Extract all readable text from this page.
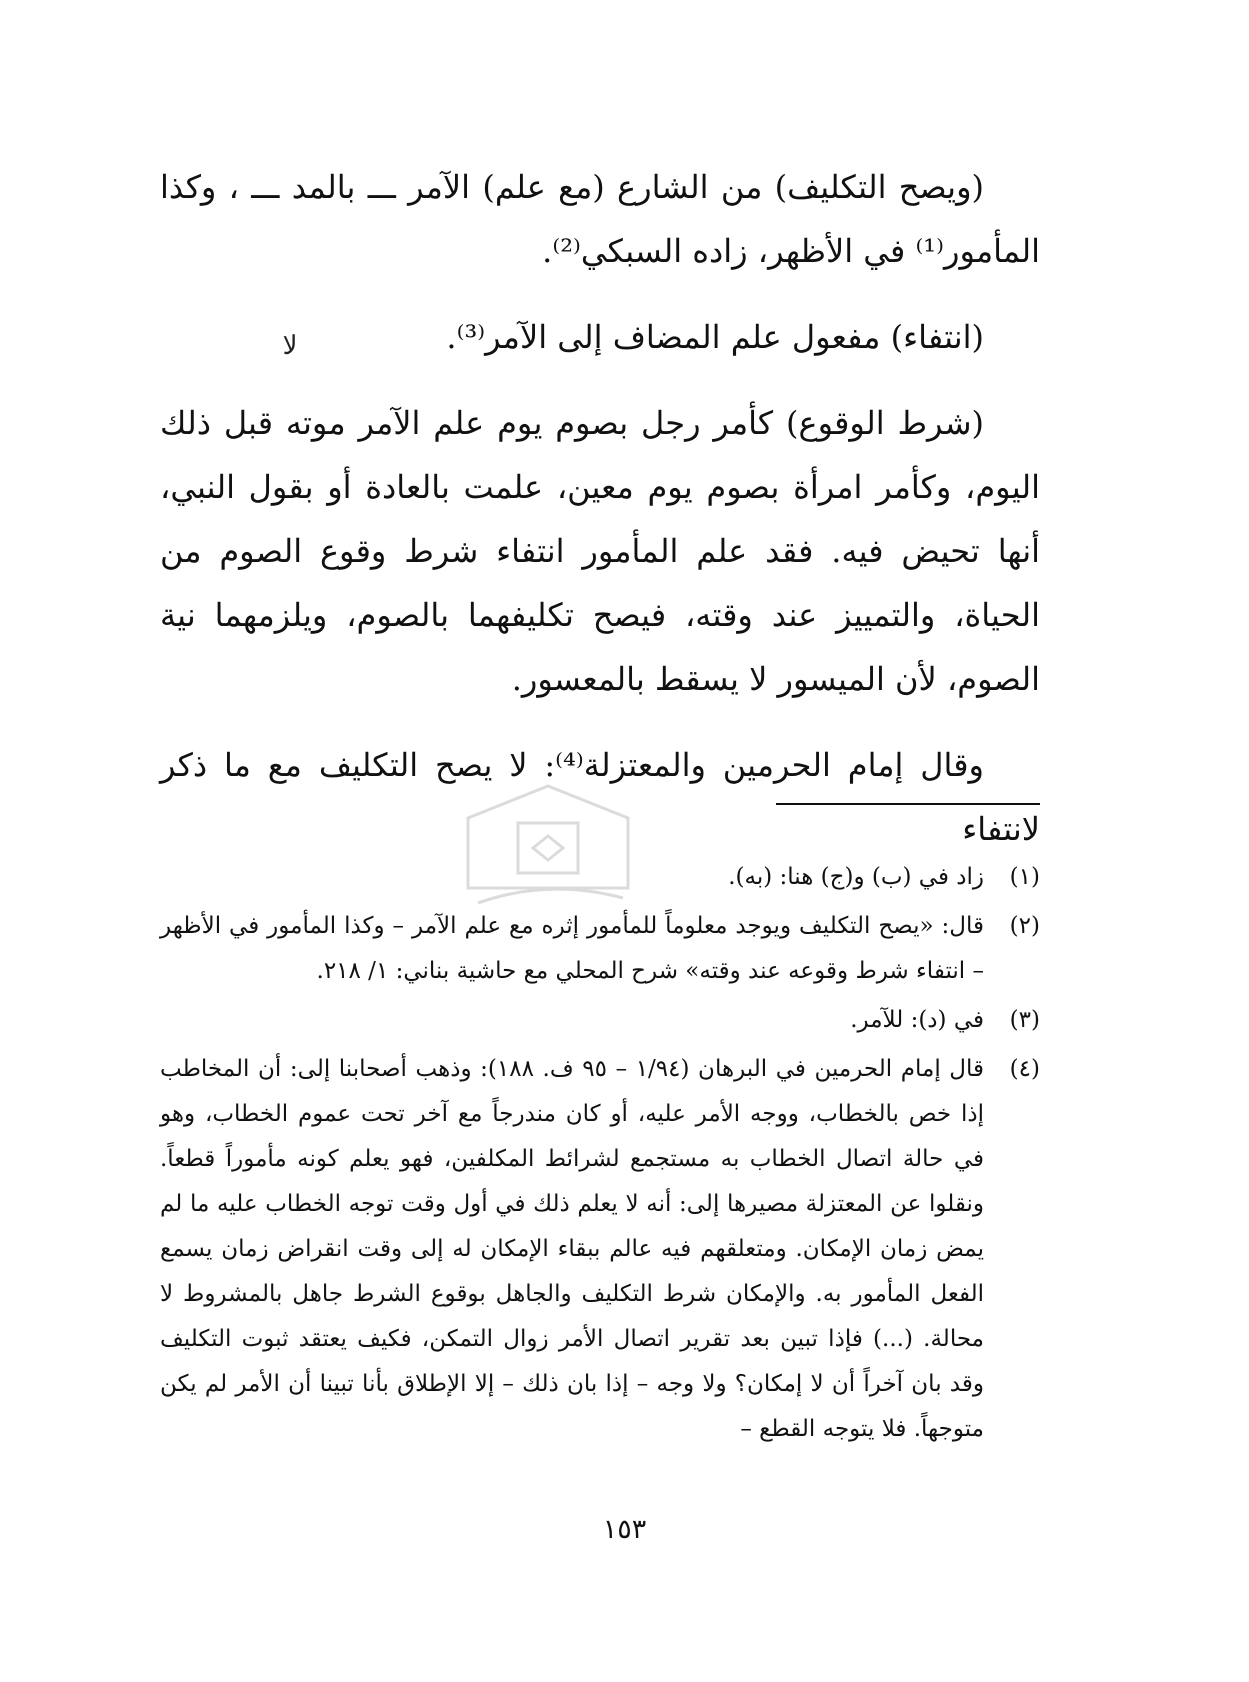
(ويصح التكليف) من الشارع (مع علم) الآمر ـــ بالمد ـــ ، وكذا المأمور⁽¹⁾ في الأظهر، زاده السبكي⁽²⁾.

(انتفاء) مفعول علم المضاف إلى الآمر⁽³⁾.

(شرط الوقوع) كأمر رجل بصوم يوم علم الآمر موته قبل ذلك اليوم، وكأمر امرأة بصوم يوم معين، علمت بالعادة أو بقول النبي، أنها تحيض فيه. فقد علم المأمور انتفاء شرط وقوع الصوم من الحياة، والتمييز عند وقته، فيصح تكليفهما بالصوم، ويلزمهما نية الصوم، لأن الميسور لا يسقط بالمعسور.

وقال إمام الحرمين والمعتزلة⁽⁴⁾: لا يصح التكليف مع ما ذكر لانتفاء

ﻻ
(١)
زاد في (ب) و(ج) هنا: (به).
(٢)
قال: «يصح التكليف ويوجد معلوماً للمأمور إثره مع علم الآمر – وكذا المأمور في الأظهر – انتفاء شرط وقوعه عند وقته» شرح المحلي مع حاشية بناني: ١/ ٢١٨.
(٣)
في (د): للآمر.
(٤)
قال إمام الحرمين في البرهان (١/٩٤ – ٩٥ ف. ١٨٨): وذهب أصحابنا إلى: أن المخاطب إذا خص بالخطاب، ووجه الأمر عليه، أو كان مندرجاً مع آخر تحت عموم الخطاب، وهو في حالة اتصال الخطاب به مستجمع لشرائط المكلفين، فهو يعلم كونه مأموراً قطعاً. ونقلوا عن المعتزلة مصيرها إلى: أنه لا يعلم ذلك في أول وقت توجه الخطاب عليه ما لم يمض زمان الإمكان. ومتعلقهم فيه عالم ببقاء الإمكان له إلى وقت انقراض زمان يسمع الفعل المأمور به. والإمكان شرط التكليف والجاهل بوقوع الشرط جاهل بالمشروط لا محالة. (...) فإذا تبين بعد تقرير اتصال الأمر زوال التمكن، فكيف يعتقد ثبوت التكليف وقد بان آخراً أن لا إمكان؟ ولا وجه – إذا بان ذلك – إلا الإطلاق بأنا تبينا أن الأمر لم يكن متوجهاً. فلا يتوجه القطع –
١٥٣
